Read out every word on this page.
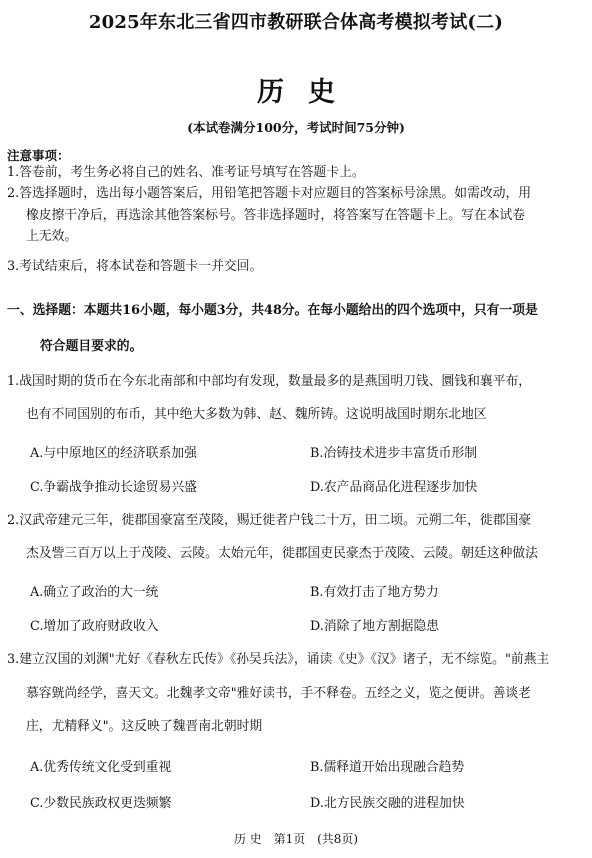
2025年东北三省四市教研联合体高考模拟考试(二)
历史
(本试卷满分100分，考试时间75分钟)
注意事项：
1.答卷前，考生务必将自己的姓名、准考证号填写在答题卡上。
2.答选择题时，选出每小题答案后，用铅笔把答题卡对应题目的答案标号涂黑。如需改动，用
橡皮擦干净后，再选涂其他答案标号。答非选择题时，将答案写在答题卡上。写在本试卷
上无效。
3.考试结束后，将本试卷和答题卡一并交回。
一、选择题：本题共16小题，每小题3分，共48分。在每小题给出的四个选项中，只有一项是
符合题目要求的。
1.战国时期的货币在今东北南部和中部均有发现，数量最多的是燕国明刀钱、圜钱和襄平布，
也有不同国别的布币，其中绝大多数为韩、赵、魏所铸。这说明战国时期东北地区
A.与中原地区的经济联系加强	B.冶铸技术进步丰富货币形制
C.争霸战争推动长途贸易兴盛	D.农产品商品化进程逐步加快
2.汉武帝建元三年，徙郡国豪富至茂陵，赐迁徙者户钱二十万，田二顷。元朔二年，徙郡国豪
杰及訾三百万以上于茂陵、云陵。太始元年，徙郡国吏民豪杰于茂陵、云陵。朝廷这种做法
A.确立了政治的大一统	B.有效打击了地方势力
C.增加了政府财政收入	D.消除了地方割据隐患
3.建立汉国的刘渊"尤好《春秋左氏传》《孙吴兵法》，诵读《史》《汉》诸子，无不综览。"前燕主
慕容皝尚经学，喜天文。北魏孝文帝"雅好读书，手不释卷。五经之义，览之便讲。善谈老
庄，尤精释义"。这反映了魏晋南北朝时期
A.优秀传统文化受到重视	B.儒释道开始出现融合趋势
C.少数民族政权更迭频繁	D.北方民族交融的进程加快
历 史 第1页 (共8页)
